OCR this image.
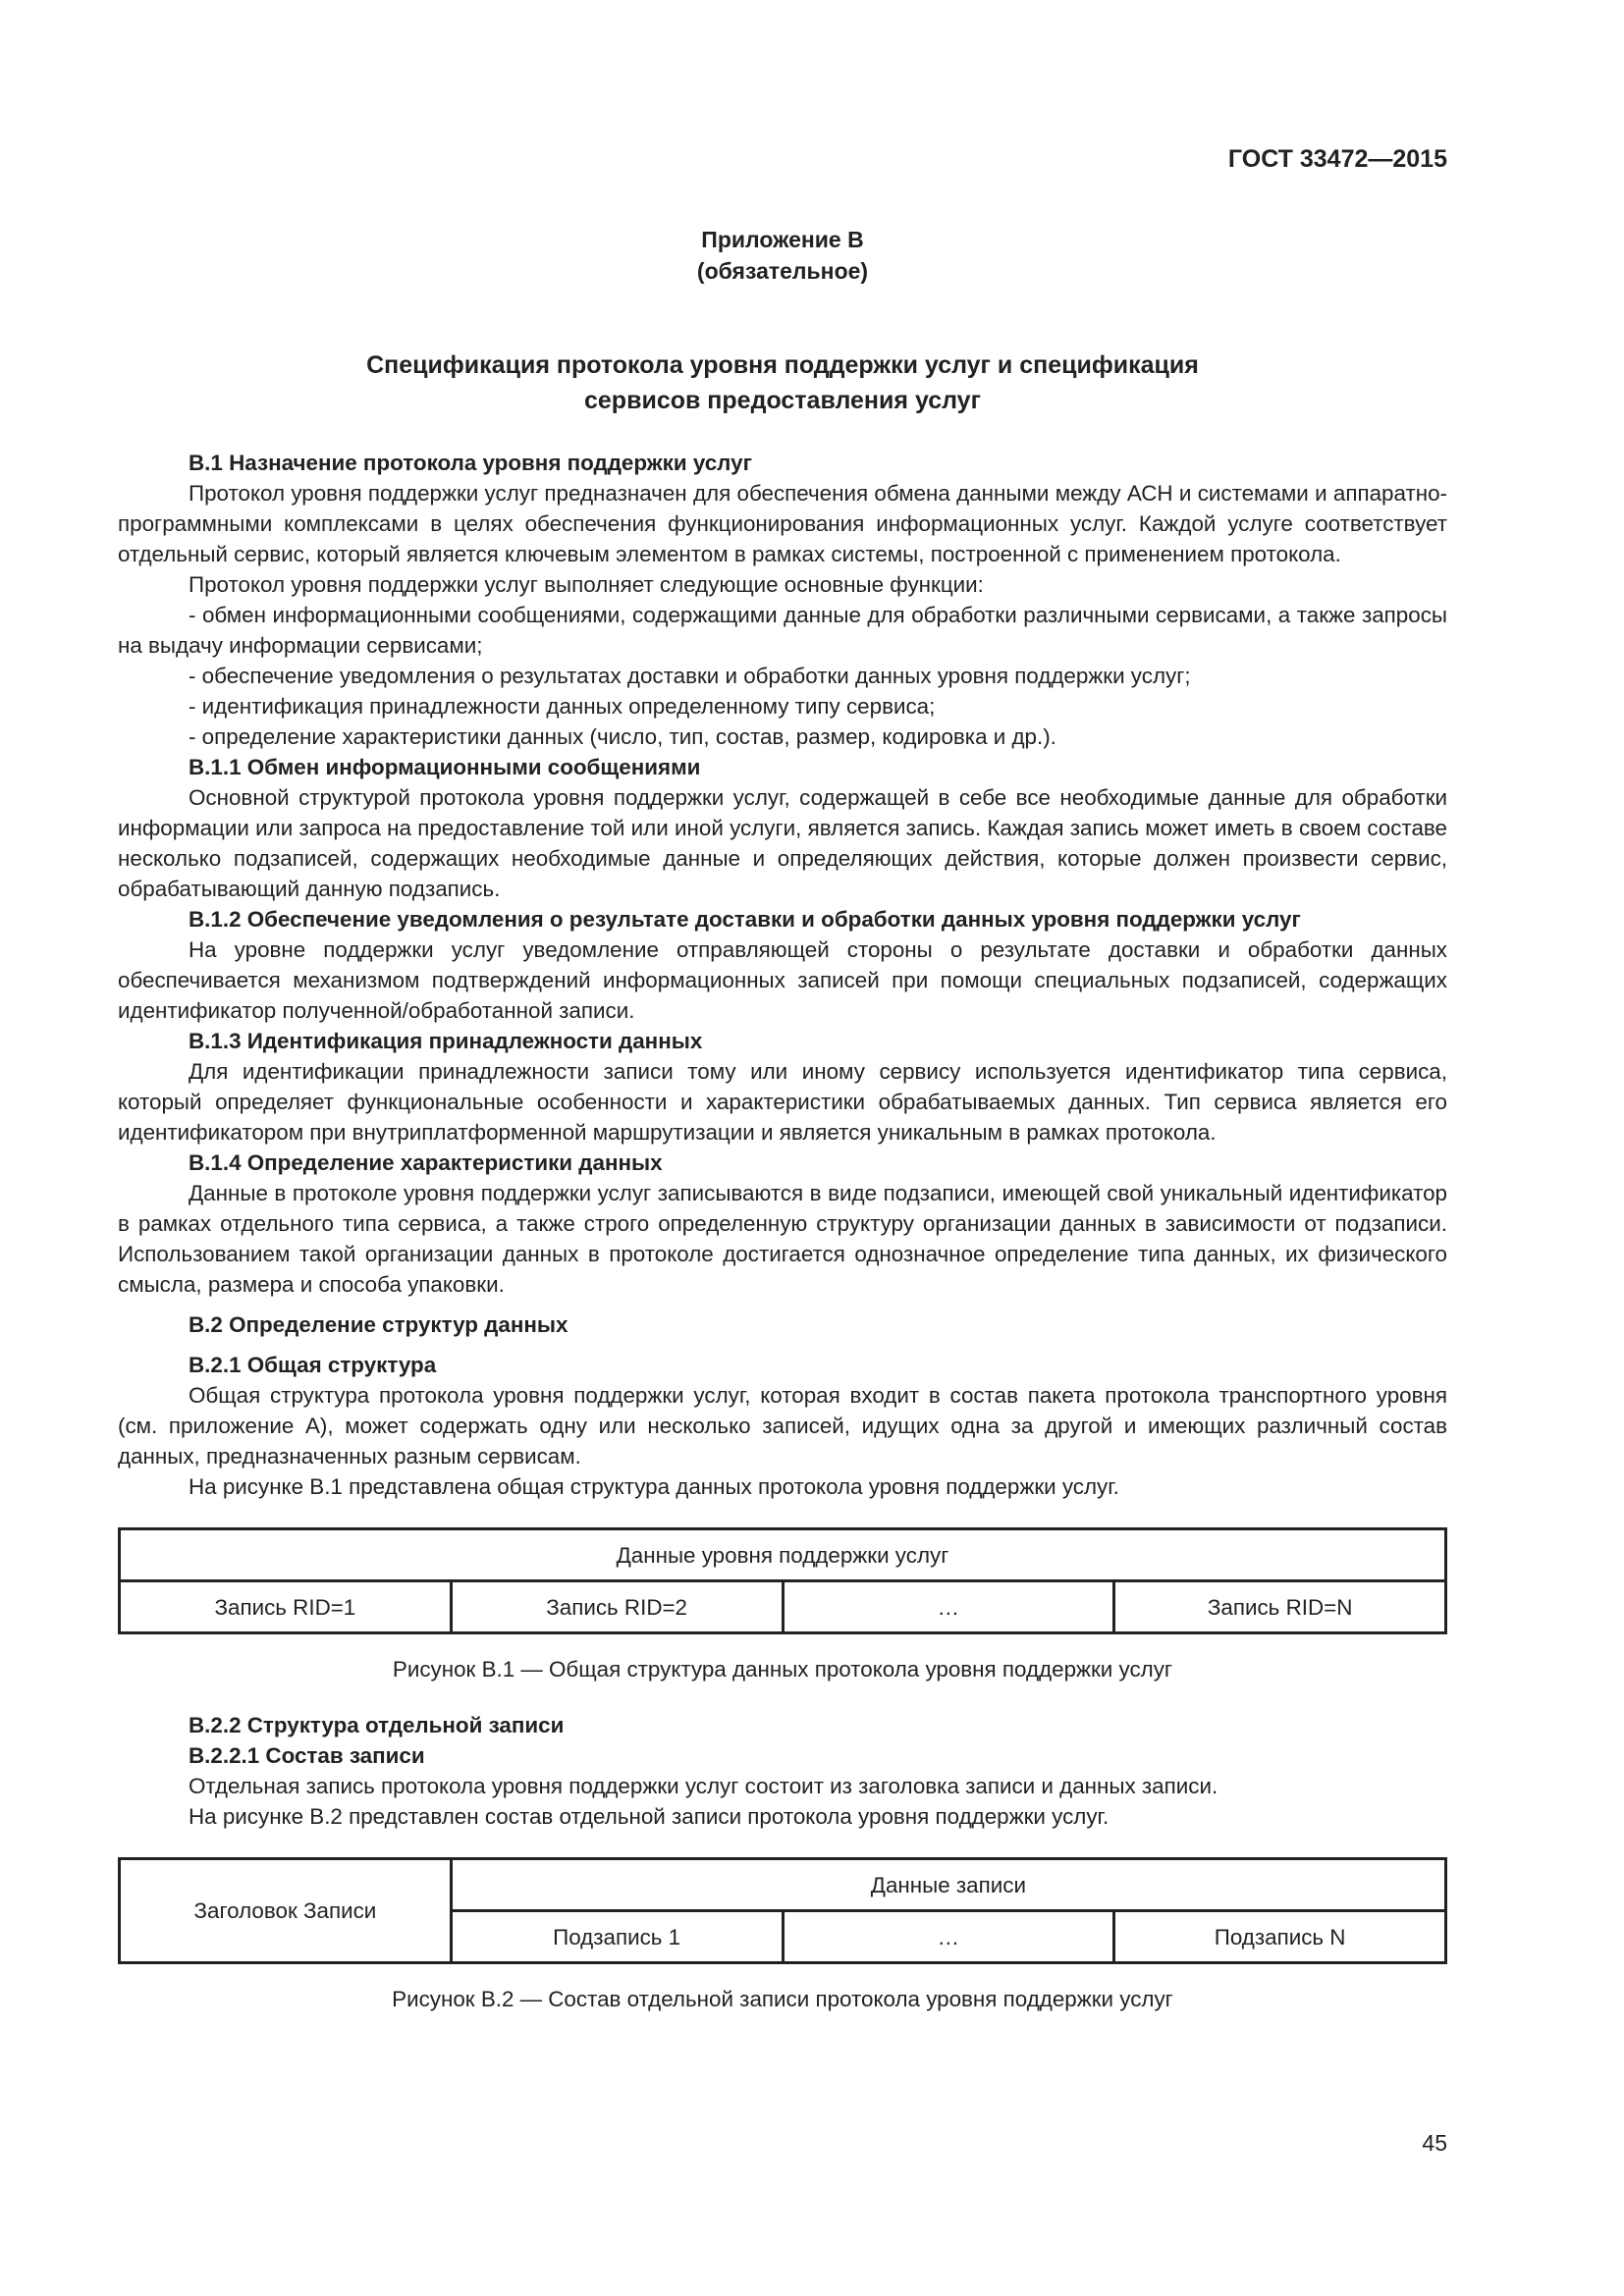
ГОСТ 33472—2015
Приложение В
(обязательное)
Спецификация протокола уровня поддержки услуг и спецификация
сервисов предоставления услуг
В.1 Назначение протокола уровня поддержки услуг

Протокол уровня поддержки услуг предназначен для обеспечения обмена данными между АСН и системами и аппаратно-программными комплексами в целях обеспечения функционирования информационных услуг. Каждой услуге соответствует отдельный сервис, который является ключевым элементом в рамках системы, построенной с применением протокола.

Протокол уровня поддержки услуг выполняет следующие основные функции:

- обмен информационными сообщениями, содержащими данные для обработки различными сервисами, а также запросы на выдачу информации сервисами;

- обеспечение уведомления о результатах доставки и обработки данных уровня поддержки услуг;

- идентификация принадлежности данных определенному типу сервиса;

- определение характеристики данных (число, тип, состав, размер, кодировка и др.).

В.1.1 Обмен информационными сообщениями

Основной структурой протокола уровня поддержки услуг, содержащей в себе все необходимые данные для обработки информации или запроса на предоставление той или иной услуги, является запись. Каждая запись может иметь в своем составе несколько подзаписей, содержащих необходимые данные и определяющих действия, которые должен произвести сервис, обрабатывающий данную подзапись.

В.1.2 Обеспечение уведомления о результате доставки и обработки данных уровня поддержки услуг

На уровне поддержки услуг уведомление отправляющей стороны о результате доставки и обработки данных обеспечивается механизмом подтверждений информационных записей при помощи специальных подзаписей, содержащих идентификатор полученной/обработанной записи.

В.1.3 Идентификация принадлежности данных

Для идентификации принадлежности записи тому или иному сервису используется идентификатор типа сервиса, который определяет функциональные особенности и характеристики обрабатываемых данных. Тип сервиса является его идентификатором при внутриплатформенной маршрутизации и является уникальным в рамках протокола.

В.1.4 Определение характеристики данных

Данные в протоколе уровня поддержки услуг записываются в виде подзаписи, имеющей свой уникальный идентификатор в рамках отдельного типа сервиса, а также строго определенную структуру организации данных в зависимости от подзаписи. Использованием такой организации данных в протоколе достигается однозначное определение типа данных, их физического смысла, размера и способа упаковки.

В.2 Определение структур данных
В.2.1 Общая структура

Общая структура протокола уровня поддержки услуг, которая входит в состав пакета протокола транспортного уровня (см. приложение А), может содержать одну или несколько записей, идущих одна за другой и имеющих различный состав данных, предназначенных разным сервисам.

На рисунке В.1 представлена общая структура данных протокола уровня поддержки услуг.

Данные уровня поддержки услуг
Запись RID=1	Запись RID=2	…	Запись RID=N
Рисунок В.1 — Общая структура данных протокола уровня поддержки услуг
В.2.2 Структура отдельной записи
В.2.2.1 Состав записи

Отдельная запись протокола уровня поддержки услуг состоит из заголовка записи и данных записи.

На рисунке В.2 представлен состав отдельной записи протокола уровня поддержки услуг.

Заголовок Записи	Данные записи		
	Подзапись 1	…	Подзапись N
Рисунок В.2 — Состав отдельной записи протокола уровня поддержки услуг
45
